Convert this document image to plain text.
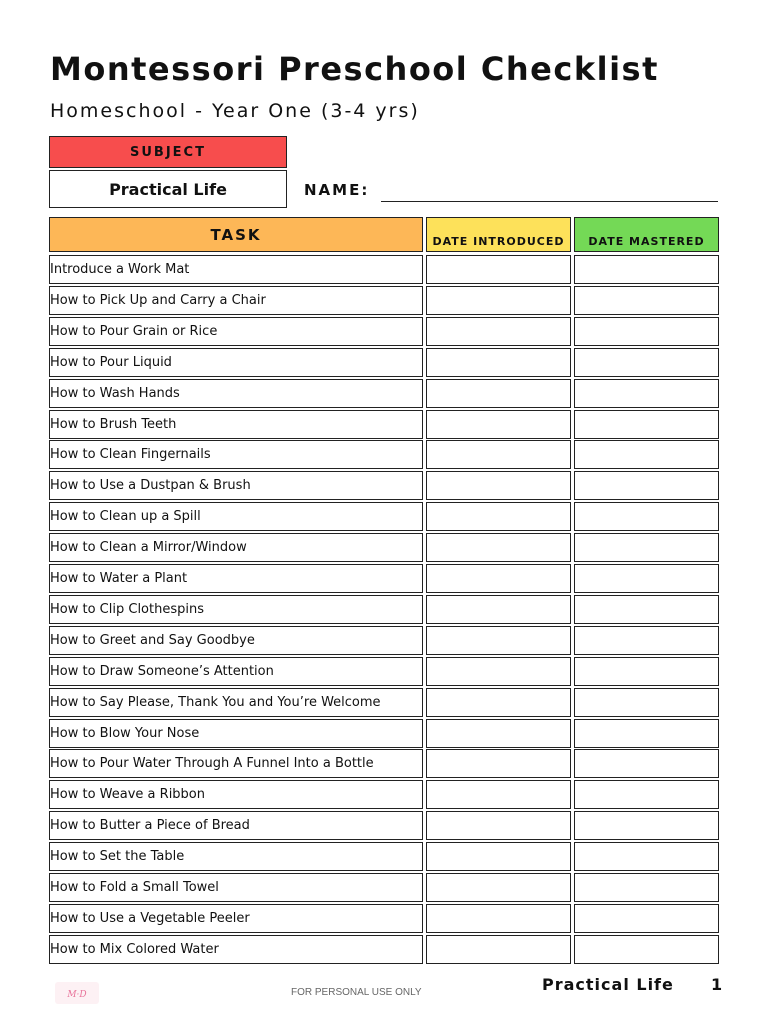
Montessori Preschool Checklist
Homeschool - Year One (3-4 yrs)
SUBJECT
Practical Life	NAME:
TASK	DATE INTRODUCED	DATE MASTERED
Introduce a Work Mat
How to Pick Up and Carry a Chair
How to Pour Grain or Rice
How to Pour Liquid
How to Wash Hands
How to Brush Teeth
How to Clean Fingernails
How to Use a Dustpan & Brush
How to Clean up a Spill
How to Clean a Mirror/Window
How to Water a Plant
How to Clip Clothespins
How to Greet and Say Goodbye
How to Draw Someone’s Attention
How to Say Please, Thank You and You’re Welcome
How to Blow Your Nose
How to Pour Water Through A Funnel Into a Bottle
How to Weave a Ribbon
How to Butter a Piece of Bread
How to Set the Table
How to Fold a Small Towel
How to Use a Vegetable Peeler
How to Mix Colored Water
M·D	FOR PERSONAL USE ONLY	Practical Life 1
